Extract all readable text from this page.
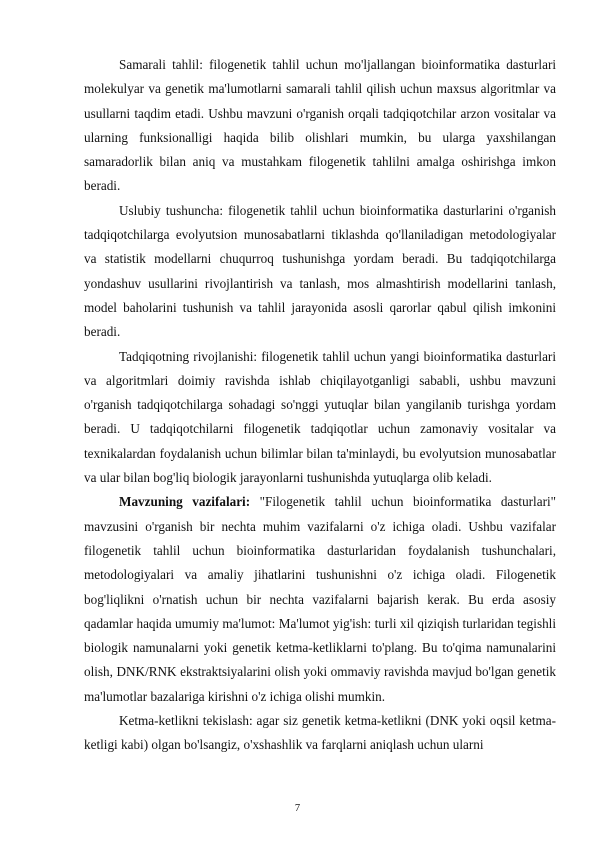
Samarali tahlil: filogenetik tahlil uchun mo'ljallangan bioinformatika dasturlari molekulyar va genetik ma'lumotlarni samarali tahlil qilish uchun maxsus algoritmlar va usullarni taqdim etadi. Ushbu mavzuni o'rganish orqali tadqiqotchilar arzon vositalar va ularning funksionalligi haqida bilib olishlari mumkin, bu ularga yaxshilangan samaradorlik bilan aniq va mustahkam filogenetik tahlilni amalga oshirishga imkon beradi.

Uslubiy tushuncha: filogenetik tahlil uchun bioinformatika dasturlarini o'rganish tadqiqotchilarga evolyutsion munosabatlarni tiklashda qo'llaniladigan metodologiyalar va statistik modellarni chuqurroq tushunishga yordam beradi. Bu tadqiqotchilarga yondashuv usullarini rivojlantirish va tanlash, mos almashtirish modellarini tanlash, model baholarini tushunish va tahlil jarayonida asosli qarorlar qabul qilish imkonini beradi.

Tadqiqotning rivojlanishi: filogenetik tahlil uchun yangi bioinformatika dasturlari va algoritmlari doimiy ravishda ishlab chiqilayotganligi sababli, ushbu mavzuni o'rganish tadqiqotchilarga sohadagi so'nggi yutuqlar bilan yangilanib turishga yordam beradi. U tadqiqotchilarni filogenetik tadqiqotlar uchun zamonaviy vositalar va texnikalardan foydalanish uchun bilimlar bilan ta'minlaydi, bu evolyutsion munosabatlar va ular bilan bog'liq biologik jarayonlarni tushunishda yutuqlarga olib keladi.

Mavzuning vazifalari: "Filogenetik tahlil uchun bioinformatika dasturlari" mavzusini o'rganish bir nechta muhim vazifalarni o'z ichiga oladi. Ushbu vazifalar filogenetik tahlil uchun bioinformatika dasturlaridan foydalanish tushunchalari, metodologiyalari va amaliy jihatlarini tushunishni o'z ichiga oladi. Filogenetik bog'liqlikni o'rnatish uchun bir nechta vazifalarni bajarish kerak. Bu erda asosiy qadamlar haqida umumiy ma'lumot: Ma'lumot yig'ish: turli xil qiziqish turlaridan tegishli biologik namunalarni yoki genetik ketma-ketliklarni to'plang. Bu to'qima namunalarini olish, DNK/RNK ekstraktsiyalarini olish yoki ommaviy ravishda mavjud bo'lgan genetik ma'lumotlar bazalariga kirishni o'z ichiga olishi mumkin.

Ketma-ketlikni tekislash: agar siz genetik ketma-ketlikni (DNK yoki oqsil ketma-ketligi kabi) olgan bo'lsangiz, o'xshashlik va farqlarni aniqlash uchun ularni

7
